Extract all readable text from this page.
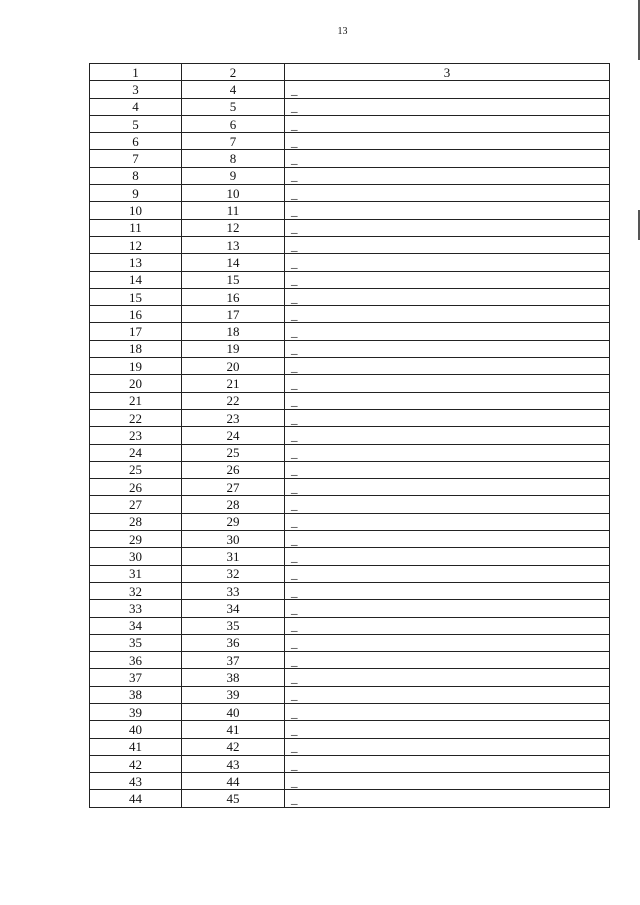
13
1	2	3
3	4	_
4	5	_
5	6	_
6	7	_
7	8	_
8	9	_
9	10	_
10	11	_
11	12	_
12	13	_
13	14	_
14	15	_
15	16	_
16	17	_
17	18	_
18	19	_
19	20	_
20	21	_
21	22	_
22	23	_
23	24	_
24	25	_
25	26	_
26	27	_
27	28	_
28	29	_
29	30	_
30	31	_
31	32	_
32	33	_
33	34	_
34	35	_
35	36	_
36	37	_
37	38	_
38	39	_
39	40	_
40	41	_
41	42	_
42	43	_
43	44	_
44	45	_
